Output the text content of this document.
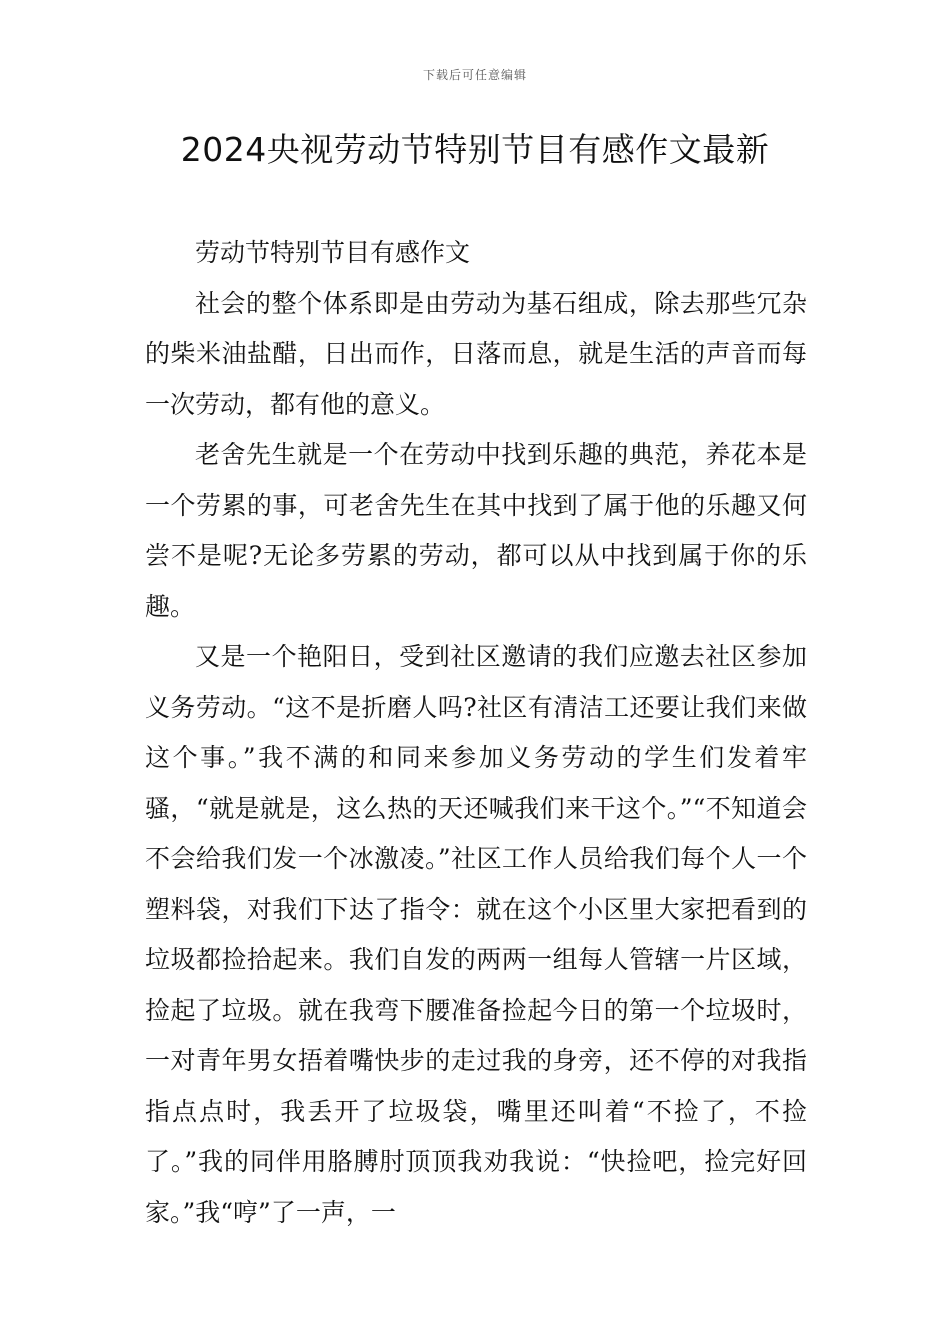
下载后可任意编辑
2024央视劳动节特别节目有感作文最新

劳动节特别节目有感作文

社会的整个体系即是由劳动为基石组成，除去那些冗杂的柴米油盐醋，日出而作，日落而息，就是生活的声音而每一次劳动，都有他的意义。

老舍先生就是一个在劳动中找到乐趣的典范，养花本是一个劳累的事，可老舍先生在其中找到了属于他的乐趣又何尝不是呢?无论多劳累的劳动，都可以从中找到属于你的乐趣。

又是一个艳阳日，受到社区邀请的我们应邀去社区参加义务劳动。“这不是折磨人吗?社区有清洁工还要让我们来做这个事。”我不满的和同来参加义务劳动的学生们发着牢骚，“就是就是，这么热的天还喊我们来干这个。”“不知道会不会给我们发一个冰激凌。”社区工作人员给我们每个人一个塑料袋，对我们下达了指令：就在这个小区里大家把看到的垃圾都捡拾起来。我们自发的两两一组每人管辖一片区域，捡起了垃圾。就在我弯下腰准备捡起今日的第一个垃圾时，一对青年男女捂着嘴快步的走过我的身旁，还不停的对我指指点点时，我丢开了垃圾袋，嘴里还叫着“不捡了，不捡了。”我的同伴用胳膊肘顶顶我劝我说：“快捡吧，捡完好回家。”我“哼”了一声，一
